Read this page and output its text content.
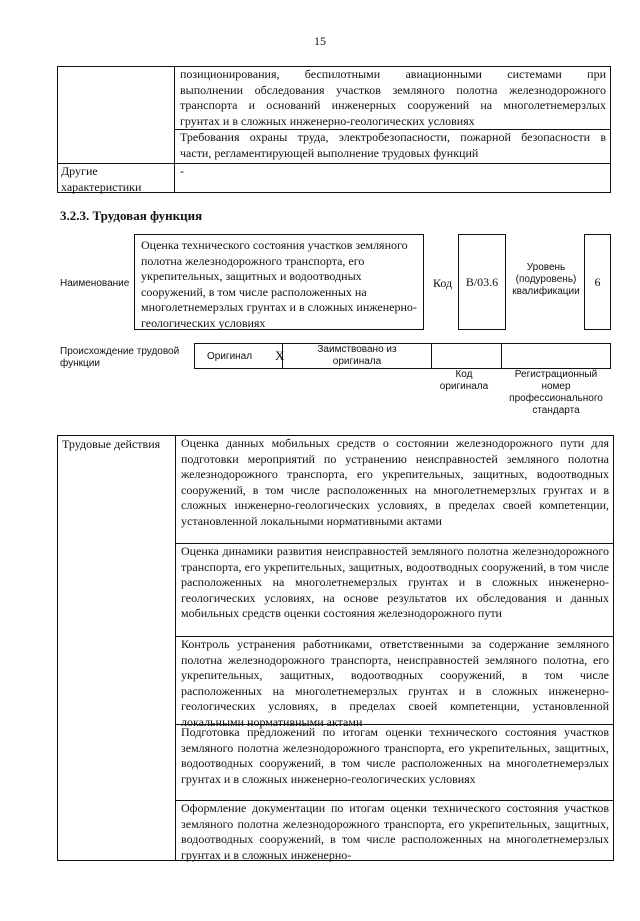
15
позиционирования, беспилотными авиационными системами при
выполнении обследования участков земляного полотна железнодорожного
транспорта и оснований инженерных сооружений на многолетнемерзлых
грунтах и в сложных инженерно-геологических условиях
Требования охраны труда, электробезопасности, пожарной безопасности в
части, регламентирующей выполнение трудовых функций
Другие
характеристики
-
3.2.3. Трудовая функция
Наименование
Оценка технического состояния участков земляного полотна железнодорожного транспорта, его укрепительных, защитных и водоотводных сооружений, в том числе расположенных на многолетнемерзлых грунтах и в сложных инженерно-геологических условиях
Код	B/03.6
Уровень (подуровень) квалификации
6
Происхождение трудовой функции
Оригинал X	Заимствовано из оригинала
Код оригинала
Регистрационный номер профессионального стандарта
Трудовые действия Оценка данных мобильных средств о состоянии железнодорожного пути для подготовки мероприятий по устранению неисправностей земляного полотна железнодорожного транспорта, его укрепительных, защитных, водоотводных сооружений, в том числе расположенных на многолетнемерзлых грунтах и в сложных инженерно-геологических условиях, в пределах своей компетенции, установленной локальными нормативными актами
Оценка динамики развития неисправностей земляного полотна железнодорожного транспорта, его укрепительных, защитных, водоотводных сооружений, в том числе расположенных на многолетнемерзлых грунтах и в сложных инженерно-геологических условиях, на основе результатов их обследования и данных мобильных средств оценки состояния железнодорожного пути
Контроль устранения работниками, ответственными за содержание земляного полотна железнодорожного транспорта, неисправностей земляного полотна, его укрепительных, защитных, водоотводных сооружений, в том числе расположенных на многолетнемерзлых грунтах и в сложных инженерно-геологических условиях, в пределах своей компетенции, установленной локальными нормативными актами
Подготовка предложений по итогам оценки технического состояния участков земляного полотна железнодорожного транспорта, его укрепительных, защитных, водоотводных сооружений, в том числе расположенных на многолетнемерзлых грунтах и в сложных инженерно-геологических условиях
Оформление документации по итогам оценки технического состояния участков земляного полотна железнодорожного транспорта, его укрепительных, защитных, водоотводных сооружений, в том числе расположенных на многолетнемерзлых грунтах и в сложных инженерно-
